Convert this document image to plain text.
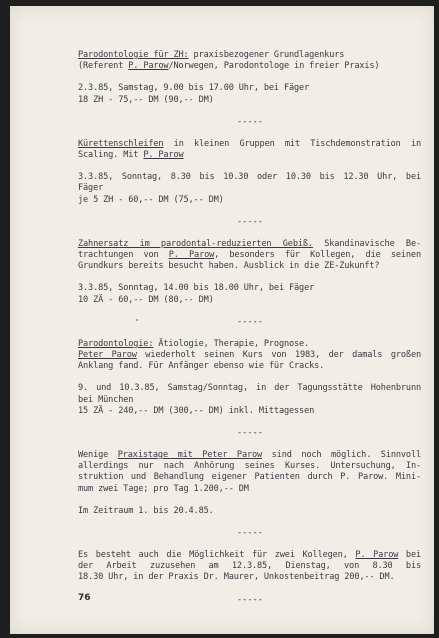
Parodontologie für ZH: praxisbezogener Grundlagenkurs
(Referent P. Parow/Norwegen, Parodontologe in freier Praxis)
2.3.85, Samstag, 9.00 bis 17.00 Uhr, bei Fäger
18 ZH - 75,-- DM (90,-- DM)
-----
Kürettenschleifen in kleinen Gruppen mit Tischdemonstration in
Scaling. Mit P. Parow
3.3.85, Sonntag, 8.30 bis 10.30 oder 10.30 bis 12.30 Uhr, bei
Fäger
je 5 ZH - 60,-- DM (75,-- DM)
-----
Zahnersatz im parodontal-reduzierten Gebiß. Skandinavische Be-
trachtungen von P. Parow, besonders für Kollegen, die seinen
Grundkurs bereits besucht haben. Ausblick in die ZE-Zukunft?
3.3.85, Sonntag, 14.00 bis 18.00 Uhr, bei Fäger
10 ZÄ - 60,-- DM (80,-- DM)
-----
Parodontologie: Ätiologie, Therapie, Prognose.
Peter Parow wiederholt seinen Kurs von 1983, der damals großen
Anklang fand. Für Anfänger ebenso wie für Cracks.
9. und 10.3.85, Samstag/Sonntag, in der Tagungsstätte Hohenbrunn
bei München
15 ZÄ - 240,-- DM (300,-- DM) inkl. Mittagessen
-----
Wenige Praxistage mit Peter Parow sind noch möglich. Sinnvoll
allerdings nur nach Anhörung seines Kurses. Untersuchung, In-
struktion und Behandlung eigener Patienten durch P. Parow. Mini-
mum zwei Tage; pro Tag 1.200,-- DM
Im Zeitraum 1. bis 20.4.85.
-----
Es besteht auch die Möglichkeit für zwei Kollegen, P. Parow bei
der Arbeit zuzusehen am 12.3.85, Dienstag, von 8.30 bis
18.30 Uhr, in der Praxis Dr. Maurer, Unkostenbeitrag 200,-- DM.
-----
76
